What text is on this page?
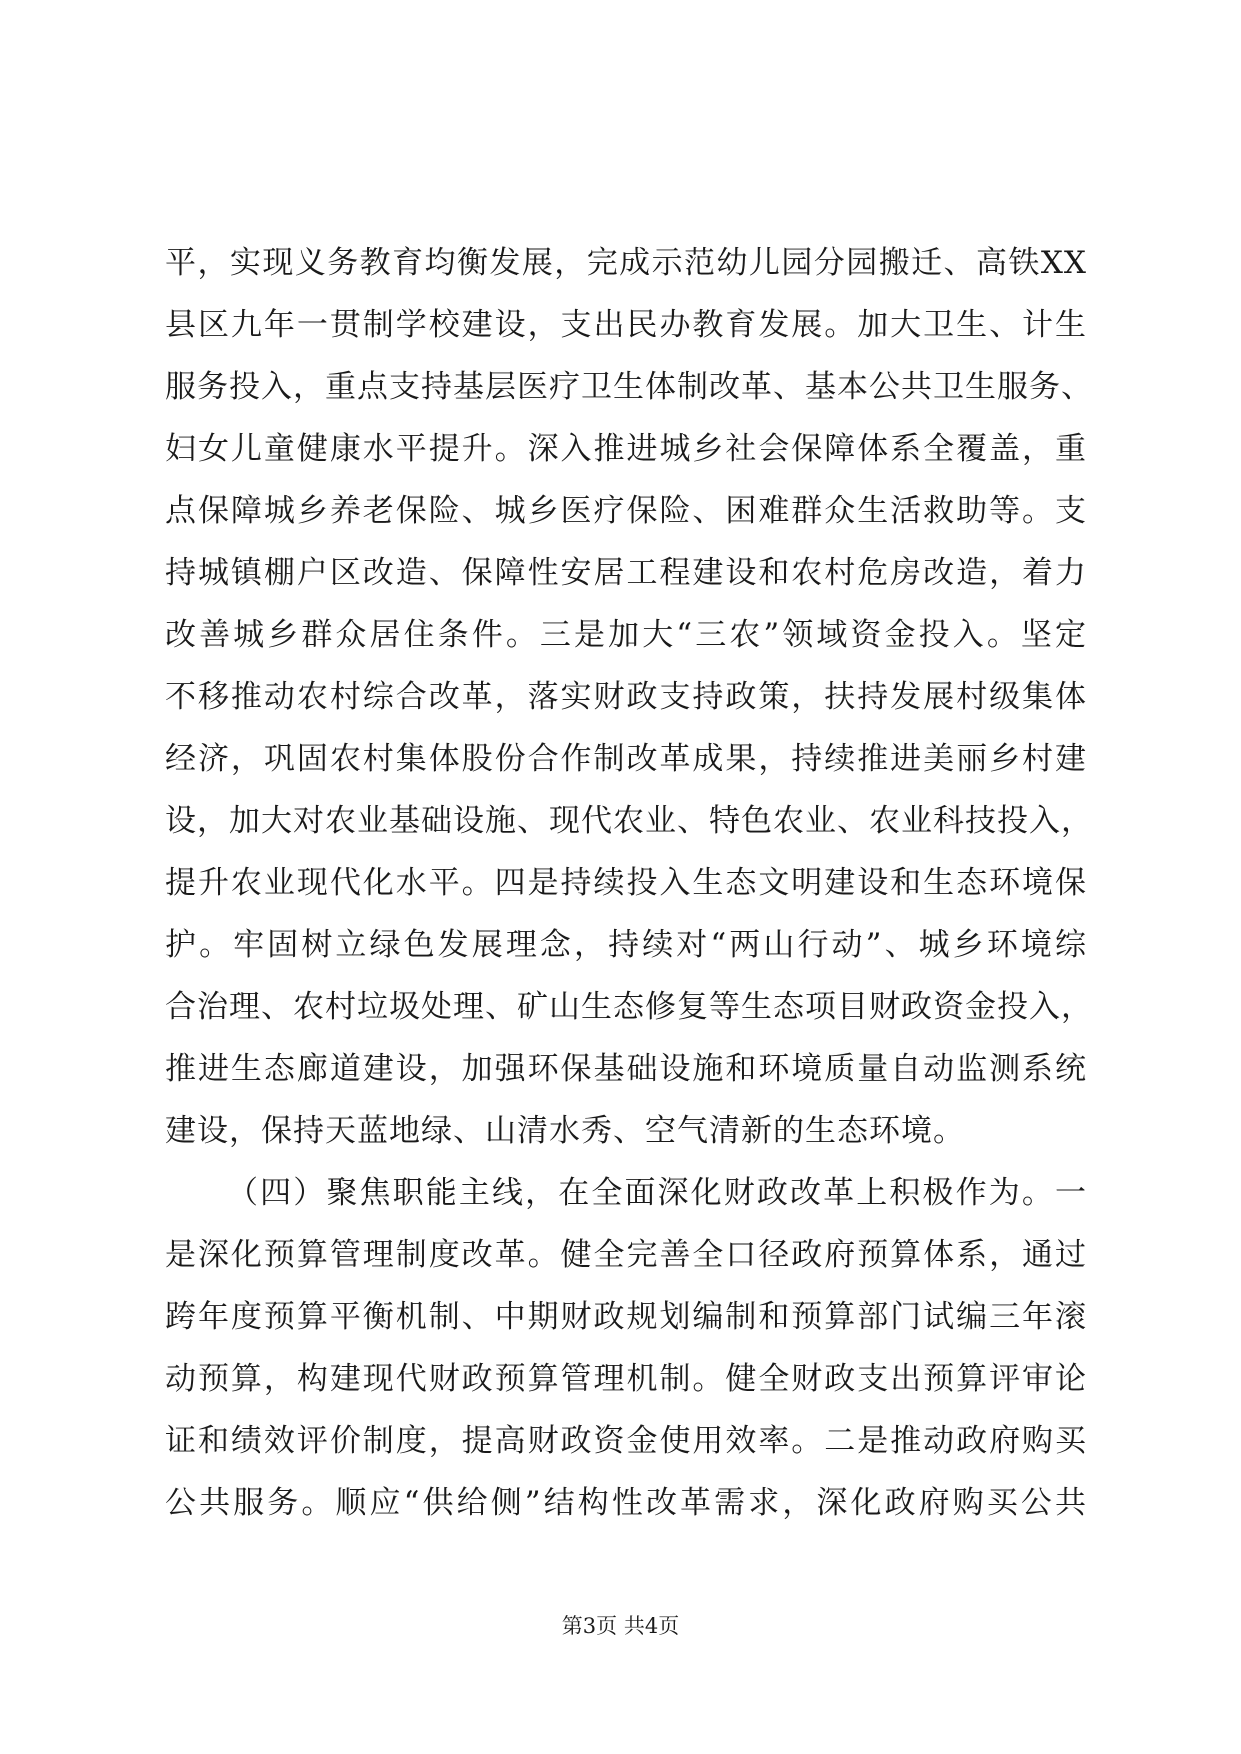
平，实现义务教育均衡发展，完成示范幼儿园分园搬迁、高铁XX
县区九年一贯制学校建设，支出民办教育发展。加大卫生、计生
服务投入，重点支持基层医疗卫生体制改革、基本公共卫生服务、
妇女儿童健康水平提升。深入推进城乡社会保障体系全覆盖，重
点保障城乡养老保险、城乡医疗保险、困难群众生活救助等。支
持城镇棚户区改造、保障性安居工程建设和农村危房改造，着力
改善城乡群众居住条件。三是加大“三农”领域资金投入。坚定
不移推动农村综合改革，落实财政支持政策，扶持发展村级集体
经济，巩固农村集体股份合作制改革成果，持续推进美丽乡村建
设，加大对农业基础设施、现代农业、特色农业、农业科技投入，
提升农业现代化水平。四是持续投入生态文明建设和生态环境保
护。牢固树立绿色发展理念，持续对“两山行动”、城乡环境综
合治理、农村垃圾处理、矿山生态修复等生态项目财政资金投入，
推进生态廊道建设，加强环保基础设施和环境质量自动监测系统
建设，保持天蓝地绿、山清水秀、空气清新的生态环境。
（四）聚焦职能主线，在全面深化财政改革上积极作为。一
是深化预算管理制度改革。健全完善全口径政府预算体系，通过
跨年度预算平衡机制、中期财政规划编制和预算部门试编三年滚
动预算，构建现代财政预算管理机制。健全财政支出预算评审论
证和绩效评价制度，提高财政资金使用效率。二是推动政府购买
公共服务。顺应“供给侧”结构性改革需求，深化政府购买公共
第3页 共4页
